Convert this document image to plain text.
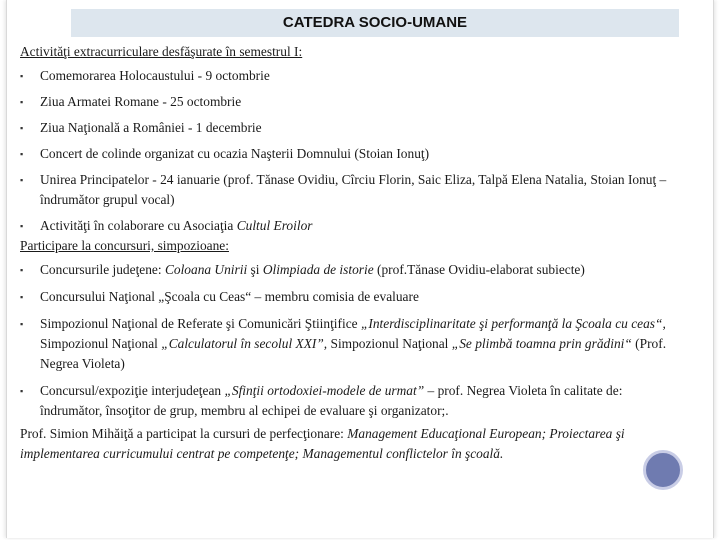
CATEDRA SOCIO-UMANE

Activităţi extracurriculare desfăşurate în semestrul I:

▪ Comemorarea Holocaustului - 9 octombrie
▪ Ziua Armatei Romane - 25 octombrie
▪ Ziua Naţională a României - 1 decembrie
▪ Concert de colinde organizat cu ocazia Naşterii Domnului (Stoian Ionuţ)
▪ Unirea Principatelor - 24 ianuarie (prof. Tănase Ovidiu, Cîrciu Florin, Saic Eliza, Talpă Elena Natalia, Stoian Ionuţ – îndrumător grupul vocal)
▪ Activităţi în colaborare cu Asociaţia Cultul Eroilor

Participare la concursuri, simpozioane:

▪ Concursurile judeţene: Coloana Unirii şi Olimpiada de istorie (prof.Tănase Ovidiu-elaborat subiecte)
▪ Concursului Naţional „Şcoala cu Ceas“ – membru comisia de evaluare
▪ Simpozionul Naţional de Referate şi Comunicări Ştiinţifice „Interdisciplinaritate şi performanţă la Şcoala cu ceas“, Simpozionul Naţional „Calculatorul în secolul XXI”, Simpozionul Naţional „Se plimbă toamna prin grădini“ (Prof. Negrea Violeta)
▪ Concursul/expoziţie interjudeţean „Sfinţii ortodoxiei-modele de urmat” – prof. Negrea Violeta în calitate de: îndrumător, însoţitor de grup, membru al echipei de evaluare şi organizator;.

Prof. Simion Mihăiţă a participat la cursuri de perfecţionare: Management Educaţional European; Proiectarea şi implementarea curricumului centrat pe competenţe; Managementul conflictelor în şcoală.
